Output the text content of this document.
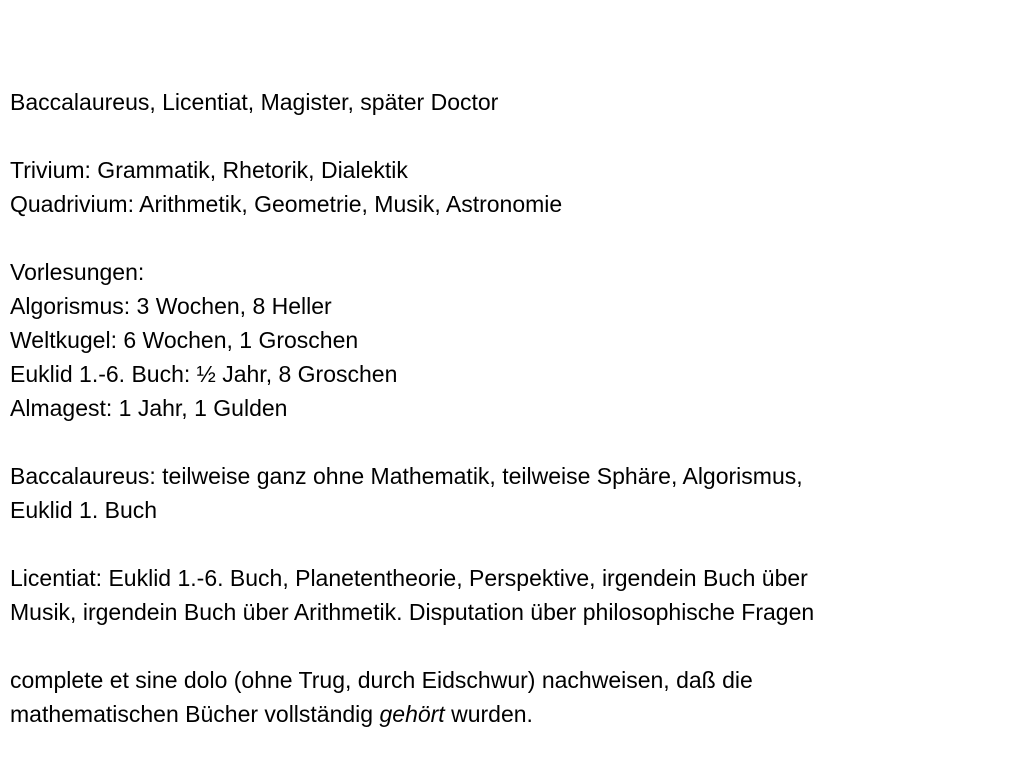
Baccalaureus, Licentiat, Magister, später Doctor
Trivium: Grammatik, Rhetorik, Dialektik
Quadrivium: Arithmetik, Geometrie, Musik, Astronomie
Vorlesungen:
Algorismus: 3 Wochen, 8 Heller
Weltkugel: 6 Wochen, 1 Groschen
Euklid 1.-6. Buch: ½ Jahr, 8 Groschen
Almagest: 1 Jahr, 1 Gulden
Baccalaureus: teilweise ganz ohne Mathematik, teilweise Sphäre, Algorismus,
Euklid 1. Buch
Licentiat: Euklid 1.-6. Buch, Planetentheorie, Perspektive, irgendein Buch über
Musik, irgendein Buch über Arithmetik. Disputation über philosophische Fragen
complete et sine dolo (ohne Trug, durch Eidschwur) nachweisen, daß die
mathematischen Bücher vollständig gehört wurden.
